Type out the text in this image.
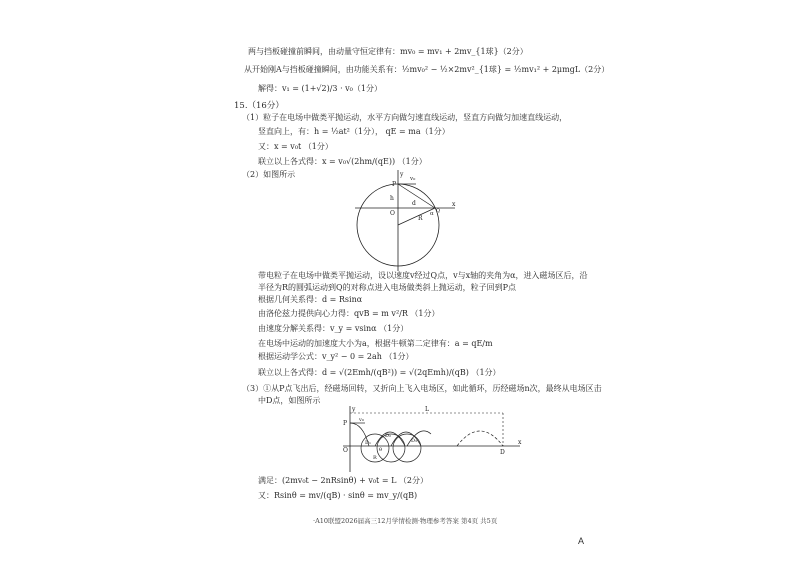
两与挡板碰撞前瞬间，由动量守恒定律有：mv₀ = mv₁ + 2mv_{1球}（2分）
从开始刚A与挡板碰撞瞬间，由功能关系有：½mv₀² − ½×2mv²_{1球} = ½mv₁² + 2μmgL（2分）
解得：v₁ = (1+√2)/3 · v₀（1分）
15.（16分）
（1）粒子在电场中做类平抛运动，水平方向做匀速直线运动，竖直方向做匀加速直线运动，
竖直向上，有：h = ½at²（1分）， qE = ma（1分）
又：x = v₀t （1分）
联立以上各式得：x = v₀√(2hm/(qE)) （1分）
（2）如图所示	y
P
v₀
h
d
O
R
α
x
Q
带电粒子在电场中做类平抛运动，设以速度v经过Q点，v与x轴的夹角为α，进入磁场区后，沿
半径为R的圆弧运动到Q的对称点进入电场做类斜上抛运动，粒子回到P点
根据几何关系得：d = Rsinα
由洛伦兹力提供向心力得：qvB = m v²/R （1分）
由速度分解关系得：v_y = vsinα （1分）
在电场中运动的加速度大小为a，根据牛顿第二定律有：a = qE/m
根据运动学公式：v_y² − 0 = 2ah （1分）
联立以上各式得：d = √(2Emh/(qB²)) = √(2qEmh)/(qB) （1分）
（3）①从P点飞出后，经磁场回转，又折向上飞入电场区，如此循环，历经磁场n次，最终从电场区击
中D点，如图所示
y
v₀
P
L
D₁
D₂
D₃
O	θ
R
D
x
满足：(2mv₀t − 2nRsinθ) + v₀t = L （2分）
又：Rsinθ = mv/(qB) · sinθ = mv_y/(qB)
·A10联盟2026届高三12月学情检测·物理参考答案 第4页 共5页
A
